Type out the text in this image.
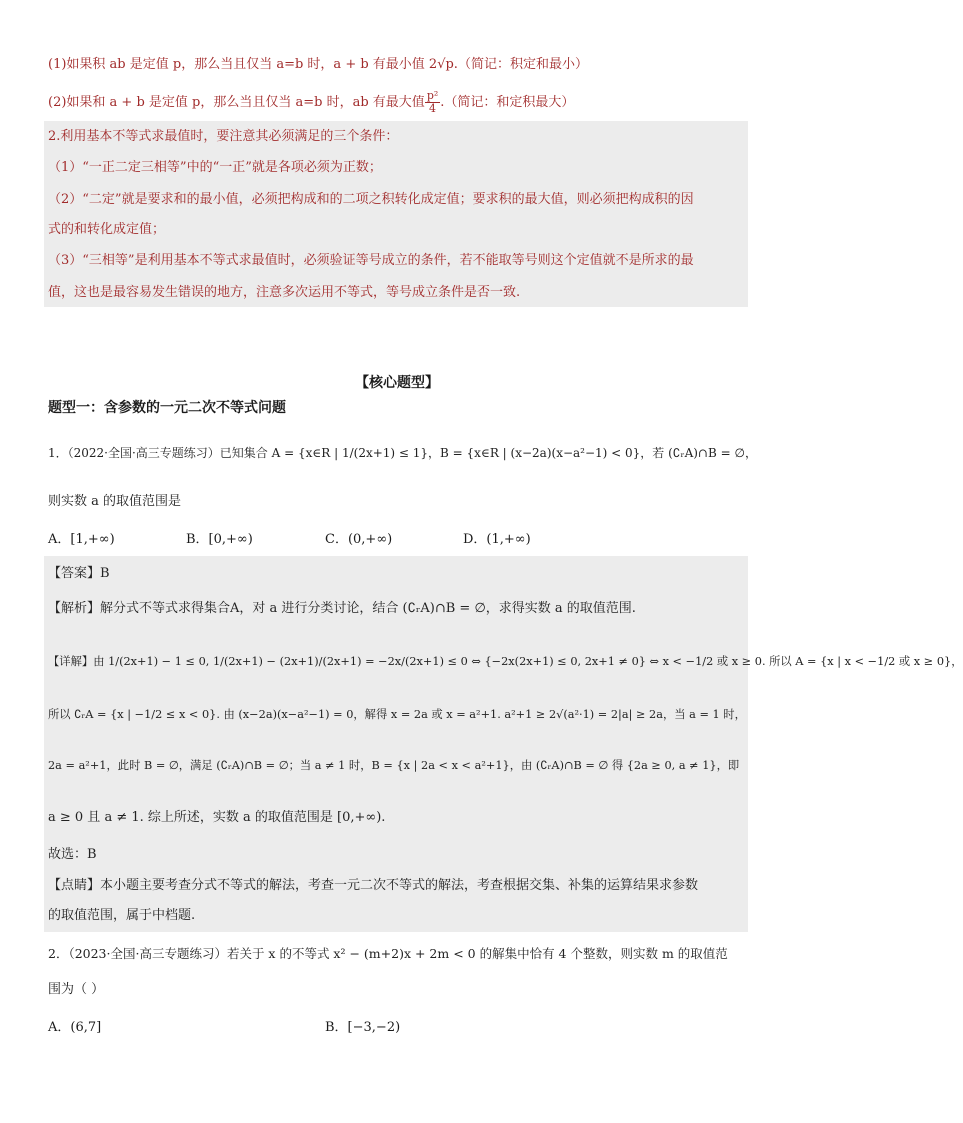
(1)如果积 ab 是定值 p，那么当且仅当 a=b 时，a + b 有最小值 2√p.（简记：积定和最小）
(2)如果和 a + b 是定值 p，那么当且仅当 a=b 时，ab 有最大值 $\frac{\text{p²}}{4}$ .（简记：和定积最大）
2.利用基本不等式求最值时，要注意其必须满足的三个条件：
（1）“一正二定三相等”中的“一正”就是各项必须为正数；
（2）“二定”就是要求和的最小值，必须把构成和的二项之积转化成定值；要求积的最大值，则必须把构成积的因
式的和转化成定值；
（3）“三相等”是利用基本不等式求最值时，必须验证等号成立的条件，若不能取等号则这个定值就不是所求的最
值，这也是最容易发生错误的地方，注意多次运用不等式，等号成立条件是否一致.
【核心题型】
题型一：含参数的一元二次不等式问题
1．（2022·全国·高三专题练习）已知集合 A = {x∈R | 1/(2x+1) ≤ 1}，B = {x∈R | (x−2a)(x−a²−1) < 0}，若 (∁ᵣA)∩B = ∅，
则实数 a 的取值范围是
A．[1,+∞)	B．[0,+∞)	C．(0,+∞)	D．(1,+∞)
【答案】B
【解析】解分式不等式求得集合A，对 a 进行分类讨论，结合 (∁ᵣA)∩B = ∅，求得实数 a 的取值范围.
【详解】由 1/(2x+1) − 1 ≤ 0, 1/(2x+1) − (2x+1)/(2x+1) = −2x/(2x+1) ≤ 0 ⇔ {−2x(2x+1) ≤ 0, 2x+1 ≠ 0} ⇔ x < −1/2 或 x ≥ 0. 所以 A = {x | x < −1/2 或 x ≥ 0}，
所以 ∁ᵣA = {x | −1/2 ≤ x < 0}. 由 (x−2a)(x−a²−1) = 0，解得 x = 2a 或 x = a²+1. a²+1 ≥ 2√(a²·1) = 2|a| ≥ 2a，当 a = 1 时，
2a = a²+1，此时 B = ∅，满足 (∁ᵣA)∩B = ∅；当 a ≠ 1 时，B = {x | 2a < x < a²+1}，由 (∁ᵣA)∩B = ∅ 得 {2a ≥ 0, a ≠ 1}，即
a ≥ 0 且 a ≠ 1. 综上所述，实数 a 的取值范围是 [0,+∞).
故选：B
【点睛】本小题主要考查分式不等式的解法，考查一元二次不等式的解法，考查根据交集、补集的运算结果求参数
的取值范围，属于中档题.
2．（2023·全国·高三专题练习）若关于 x 的不等式 x² − (m+2)x + 2m < 0 的解集中恰有 4 个整数，则实数 m 的取值范
围为（ ）
A．(6,7]	B．[−3,−2)
